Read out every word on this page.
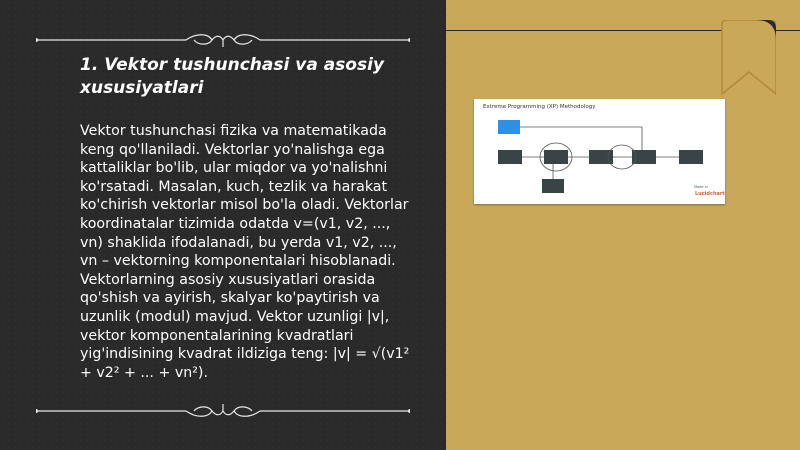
1. Vektor tushunchasi va asosiy xususiyatlari

Vektor tushunchasi fizika va matematikada keng qo'llaniladi. Vektorlar yo'nalishga ega kattaliklar bo'lib, ular miqdor va yo'nalishni ko'rsatadi. Masalan, kuch, tezlik va harakat ko'chirish vektorlar misol bo'la oladi. Vektorlar koordinatalar tizimida odatda v=(v1, v2, ..., vn) shaklida ifodalanadi, bu yerda v1, v2, ..., vn – vektorning komponentalari hisoblanadi. Vektorlarning asosiy xususiyatlari orasida qo'shish va ayirish, skalyar ko'paytirish va uzunlik (modul) mavjud. Vektor uzunligi |v|, vektor komponentalarining kvadratlari yig'indisining kvadrat ildiziga teng: |v| = √(v1² + v2² + ... + vn²).

Extreme Programming (XP) Methodology
Made in
Lucidchart
